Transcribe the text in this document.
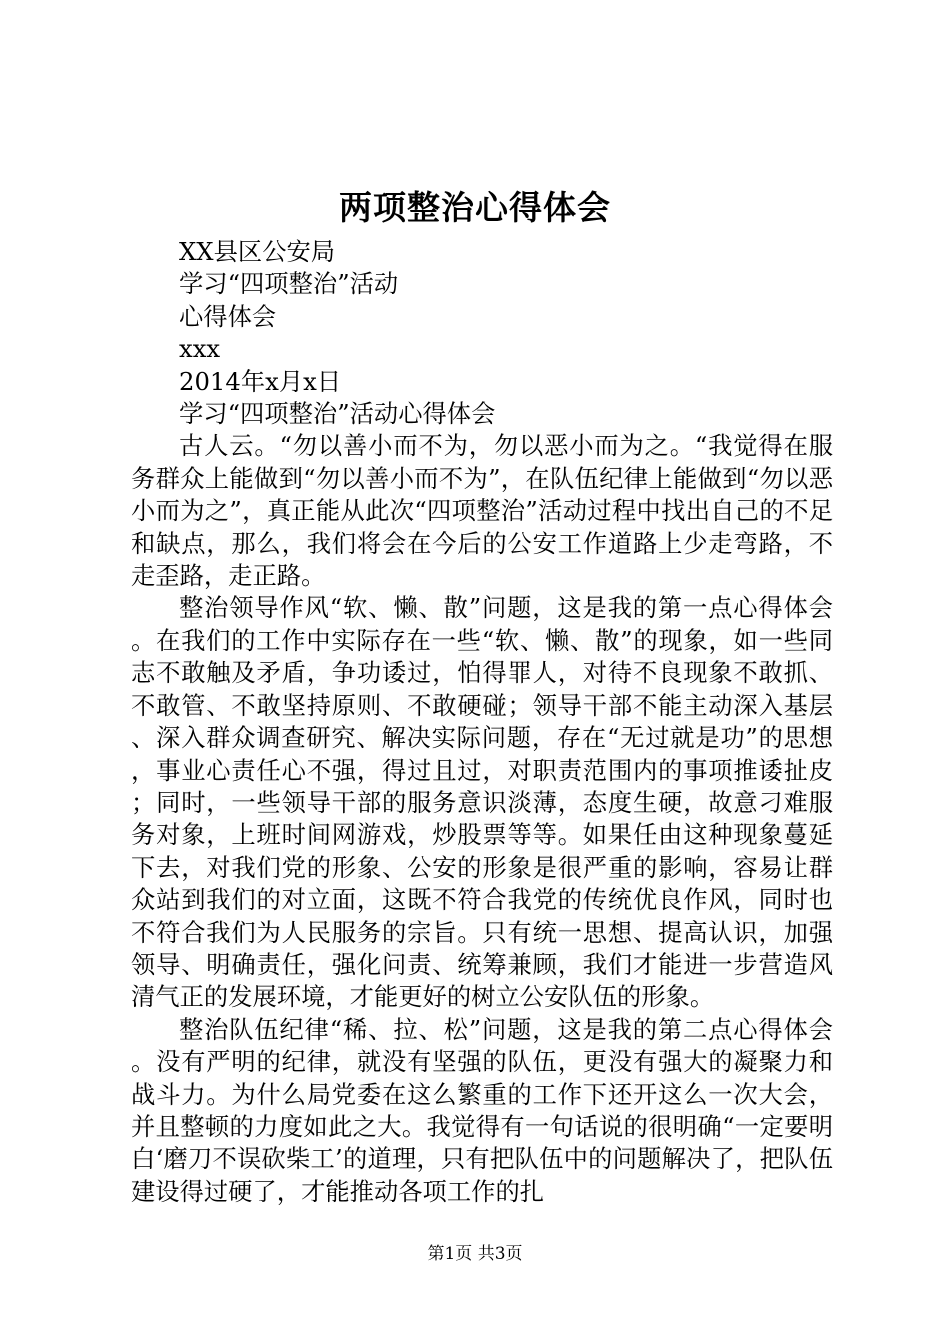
两项整治心得体会

XX县区公安局

学习“四项整治”活动

心得体会

xxx

2014年x月x日

学习“四项整治”活动心得体会

古人云。“勿以善小而不为，勿以恶小而为之。“我觉得在服务群众上能做到“勿以善小而不为”，在队伍纪律上能做到“勿以恶小而为之”，真正能从此次“四项整治”活动过程中找出自己的不足和缺点，那么，我们将会在今后的公安工作道路上少走弯路，不走歪路，走正路。

整治领导作风“软、懒、散”问题，这是我的第一点心得体会。在我们的工作中实际存在一些“软、懒、散”的现象，如一些同志不敢触及矛盾，争功诿过，怕得罪人，对待不良现象不敢抓、不敢管、不敢坚持原则、不敢硬碰；领导干部不能主动深入基层、深入群众调查研究、解决实际问题，存在“无过就是功”的思想，事业心责任心不强，得过且过，对职责范围内的事项推诿扯皮；同时，一些领导干部的服务意识淡薄，态度生硬，故意刁难服务对象，上班时间网游戏，炒股票等等。如果任由这种现象蔓延下去，对我们党的形象、公安的形象是很严重的影响，容易让群众站到我们的对立面，这既不符合我党的传统优良作风，同时也不符合我们为人民服务的宗旨。只有统一思想、提高认识，加强领导、明确责任，强化问责、统筹兼顾，我们才能进一步营造风清气正的发展环境，才能更好的树立公安队伍的形象。

整治队伍纪律“稀、拉、松”问题，这是我的第二点心得体会。没有严明的纪律，就没有坚强的队伍，更没有强大的凝聚力和战斗力。为什么局党委在这么繁重的工作下还开这么一次大会，并且整顿的力度如此之大。我觉得有一句话说的很明确“一定要明白‘磨刀不误砍柴工’的道理，只有把队伍中的问题解决了，把队伍建设得过硬了，才能推动各项工作的扎

第1页 共3页
